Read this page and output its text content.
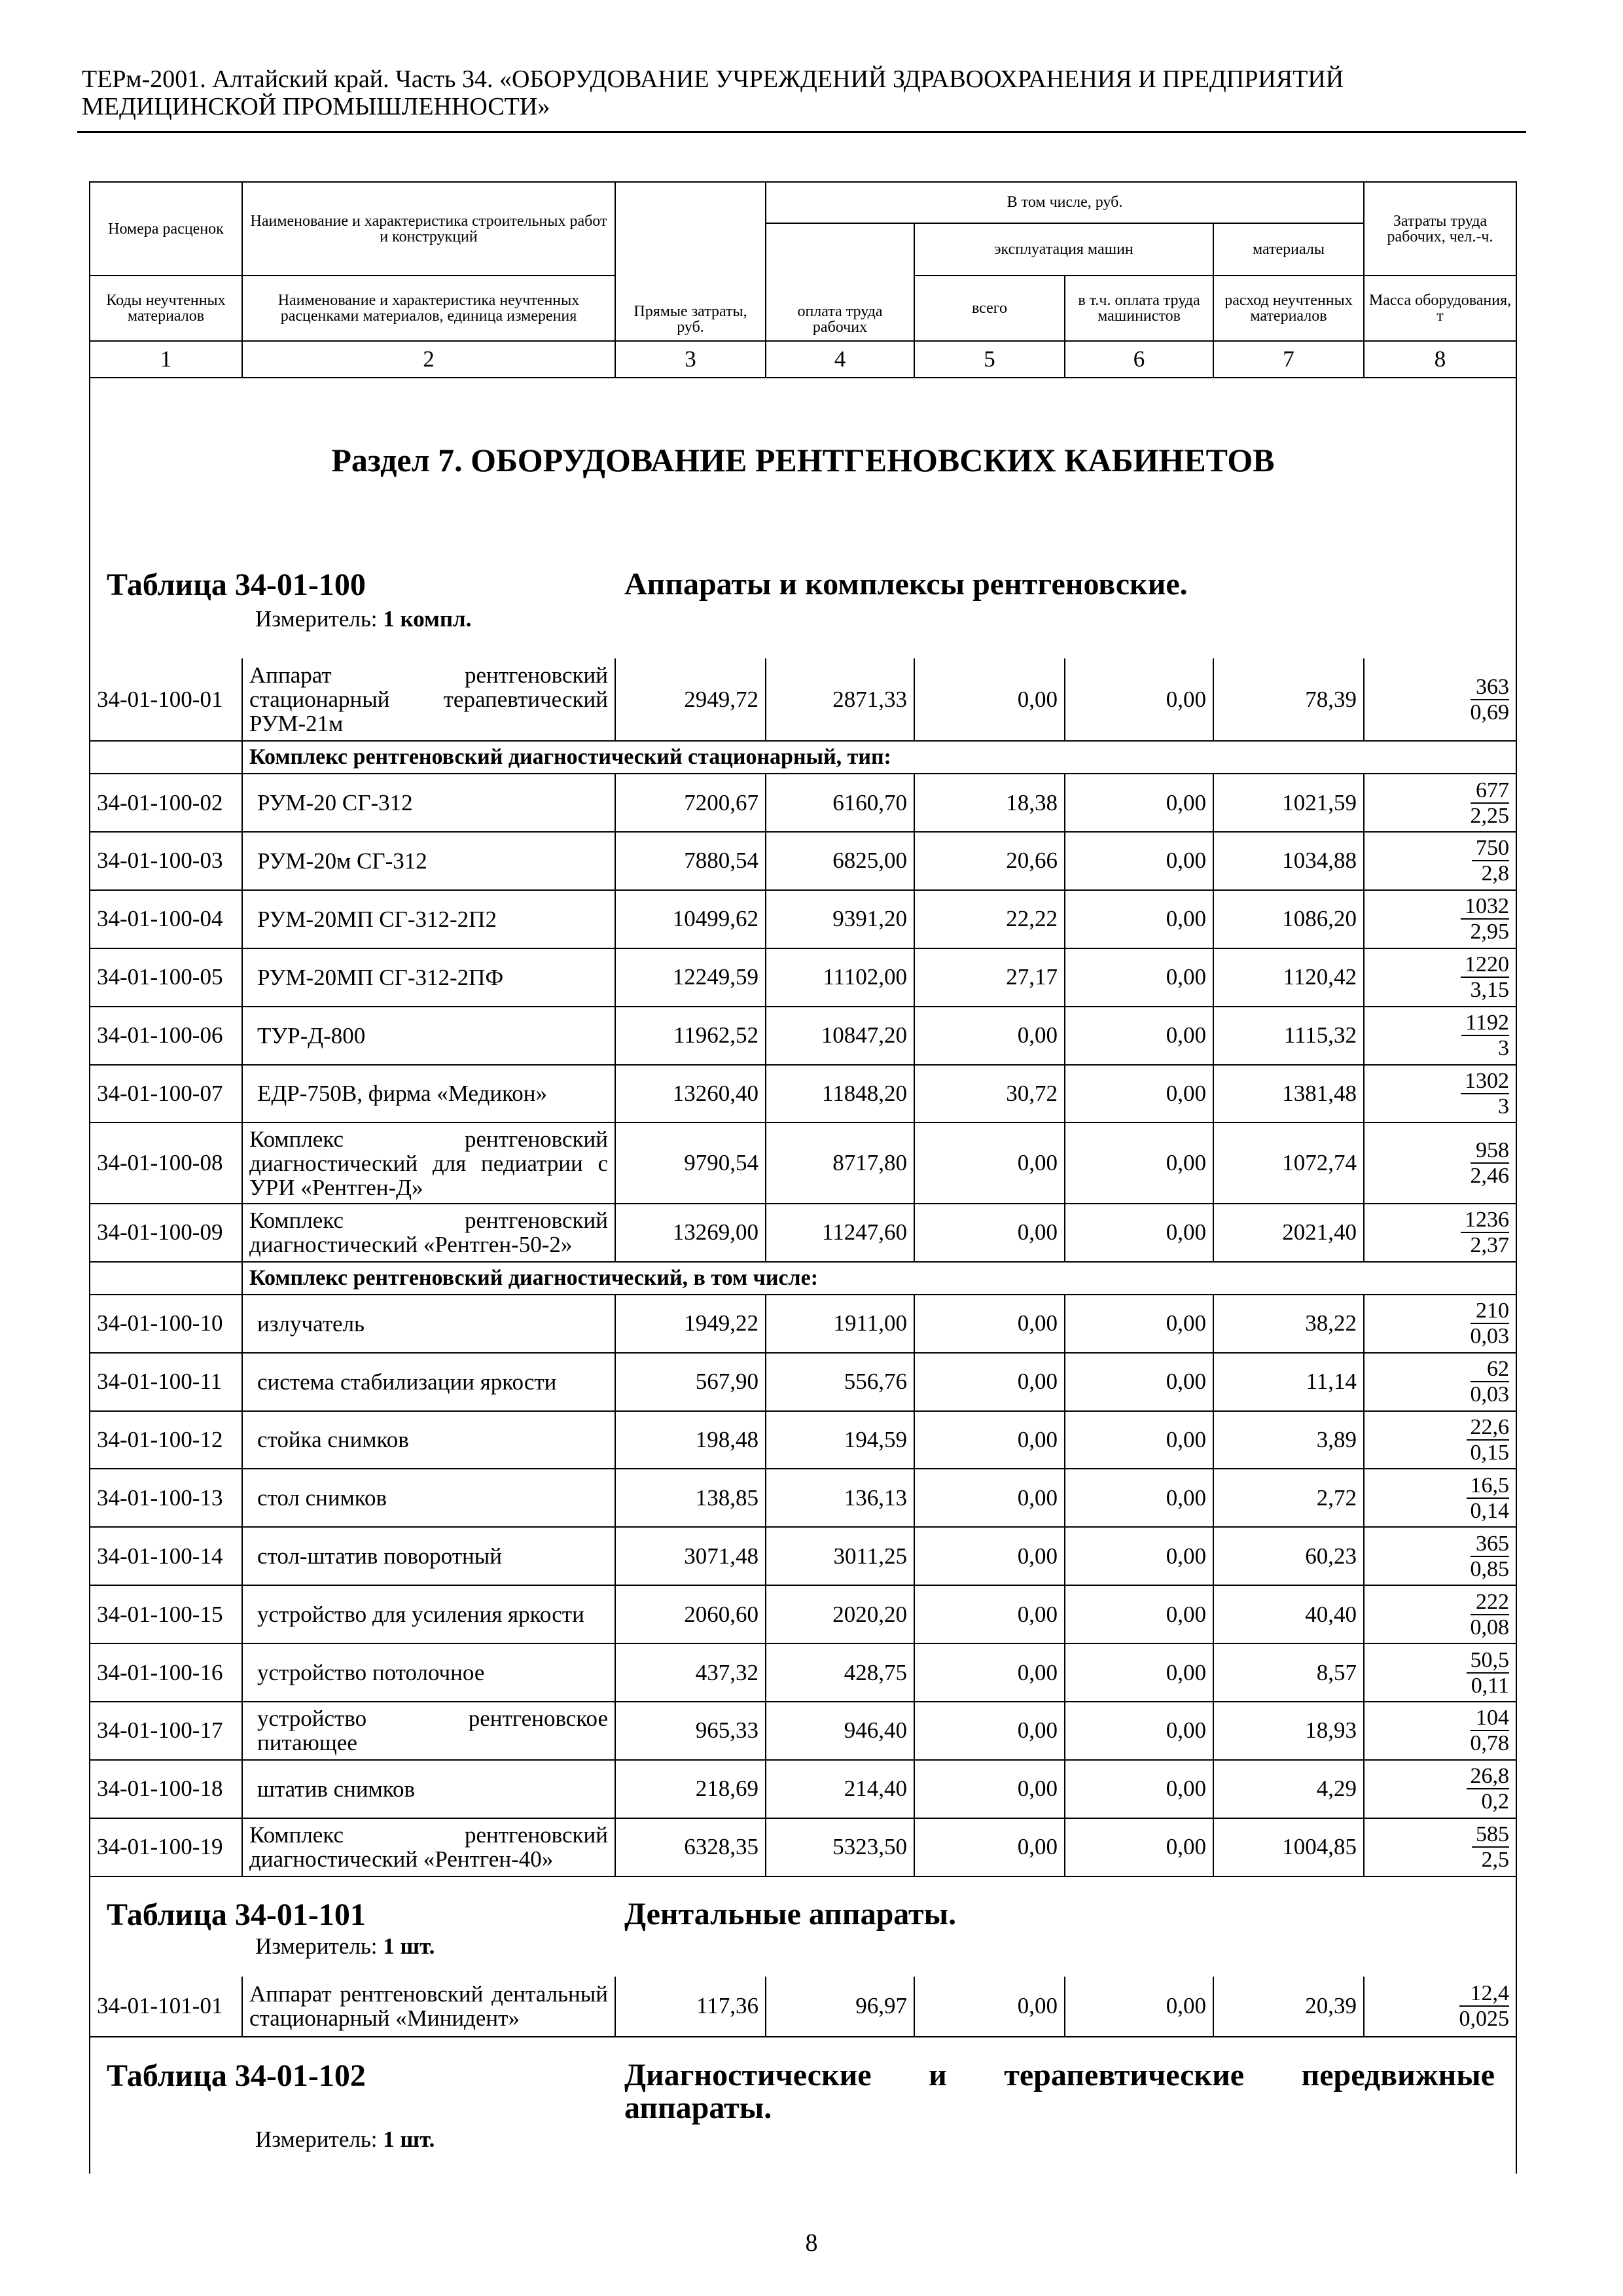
ТЕРм-2001. Алтайский край. Часть 34. «ОБОРУДОВАНИЕ УЧРЕЖДЕНИЙ ЗДРАВООХРАНЕНИЯ И ПРЕДПРИЯТИЙ
МЕДИЦИНСКОЙ ПРОМЫШЛЕННОСТИ»
Номера расценок	Наименование и характеристика строительных работ и конструкций	Прямые затраты, руб.	В том числе, руб.				Затраты труда рабочих, чел.-ч.
			оплата труда рабочих	эксплуатация машин		материалы	
Коды неучтенных материалов	Наименование и характеристика неучтенных расценками материалов, единица измерения			всего	в т.ч. оплата труда машинистов	расход неучтенных материалов	Масса оборудования, т
1	2	3	4	5	6	7	8

Раздел 7. ОБОРУДОВАНИЕ РЕНТГЕНОВСКИХ КАБИНЕТОВ
Таблица 34-01-100 Аппараты и комплексы рентгеновские.
Измеритель: 1 компл.							

34-01-100-01	Аппарат рентгеновский стационарный терапевтический РУМ-21м	2949,72	2871,33	0,00	0,00	78,39	$\frac{363}{0,69}$

	Комплекс рентгеновский диагностический стационарный, тип:						
34-01-100-02	РУМ-20 СГ-312	7200,67	6160,70	18,38	0,00	1021,59	$\frac{677}{2,25}$

34-01-100-03	РУМ-20м СГ-312	7880,54	6825,00	20,66	0,00	1034,88	$\frac{750}{2,8}$

34-01-100-04	РУМ-20МП СГ-312-2П2	10499,62	9391,20	22,22	0,00	1086,20	$\frac{1032}{2,95}$

34-01-100-05	РУМ-20МП СГ-312-2ПФ	12249,59	11102,00	27,17	0,00	1120,42	$\frac{1220}{3,15}$

34-01-100-06	ТУР-Д-800	11962,52	10847,20	0,00	0,00	1115,32	$\frac{1192}{3}$

34-01-100-07	ЕДР-750В, фирма «Медикон»	13260,40	11848,20	30,72	0,00	1381,48	$\frac{1302}{3}$

34-01-100-08	Комплекс рентгеновский диагностический для педиатрии с УРИ «Рентген-Д»	9790,54	8717,80	0,00	0,00	1072,74	$\frac{958}{2,46}$

34-01-100-09	Комплекс рентгеновский диагностический «Рентген-50-2»	13269,00	11247,60	0,00	0,00	2021,40	$\frac{1236}{2,37}$

	Комплекс рентгеновский диагностический, в том числе:						
34-01-100-10	излучатель	1949,22	1911,00	0,00	0,00	38,22	$\frac{210}{0,03}$

34-01-100-11	система стабилизации яркости	567,90	556,76	0,00	0,00	11,14	$\frac{62}{0,03}$

34-01-100-12	стойка снимков	198,48	194,59	0,00	0,00	3,89	$\frac{22,6}{0,15}$

34-01-100-13	стол снимков	138,85	136,13	0,00	0,00	2,72	$\frac{16,5}{0,14}$

34-01-100-14	стол-штатив поворотный	3071,48	3011,25	0,00	0,00	60,23	$\frac{365}{0,85}$

34-01-100-15	устройство для усиления яркости	2060,60	2020,20	0,00	0,00	40,40	$\frac{222}{0,08}$

34-01-100-16	устройство потолочное	437,32	428,75	0,00	0,00	8,57	$\frac{50,5}{0,11}$

34-01-100-17	устройство рентгеновское питающее	965,33	946,40	0,00	0,00	18,93	$\frac{104}{0,78}$

34-01-100-18	штатив снимков	218,69	214,40	0,00	0,00	4,29	$\frac{26,8}{0,2}$

34-01-100-19	Комплекс рентгеновский диагностический «Рентген-40»	6328,35	5323,50	0,00	0,00	1004,85	$\frac{585}{2,5}$

Таблица 34-01-101 Дентальные аппараты.
Измеритель: 1 шт.							

34-01-101-01	Аппарат рентгеновский дентальный стационарный «Минидент»	117,36	96,97	0,00	0,00	20,39	$\frac{12,4}{0,025}$

Таблица 34-01-102 Диагностические и терапевтические передвижные аппараты.
Измеритель: 1 шт.							
8
